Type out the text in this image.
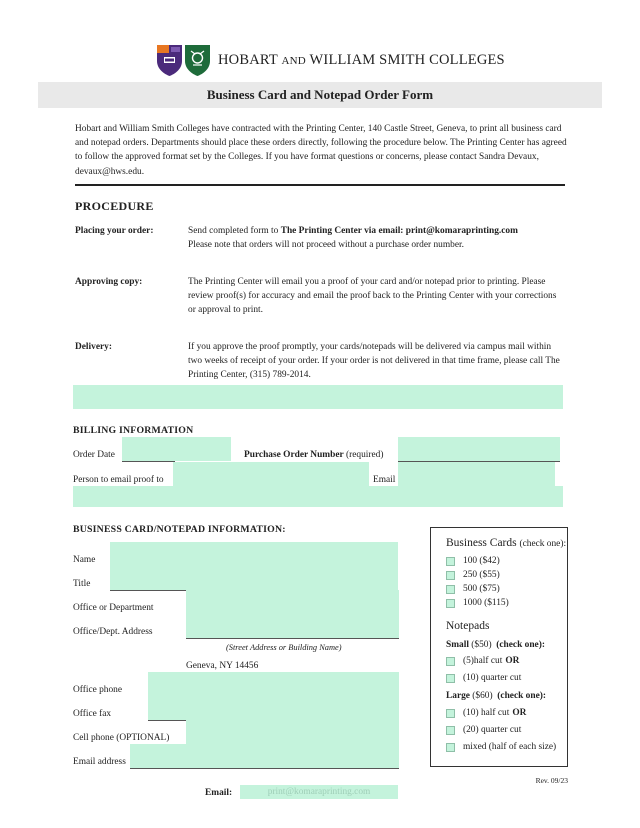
HOBART AND WILLIAM SMITH COLLEGES
Business Card and Notepad Order Form
Hobart and William Smith Colleges have contracted with the Printing Center, 140 Castle Street, Geneva, to print all business card and notepad orders. Departments should place these orders directly, following the procedure below. The Printing Center has agreed to follow the approved format set by the Colleges. If you have format questions or concerns, please contact Sandra Devaux, devaux@hws.edu.
PROCEDURE
Placing your order:	Send completed form to The Printing Center via email: print@komaraprinting.com
Please note that orders will not proceed without a purchase order number.
Approving copy:	The Printing Center will email you a proof of your card and/or notepad prior to printing. Please review proof(s) for accuracy and email the proof back to the Printing Center with your corrections or approval to print.
Delivery:	If you approve the proof promptly, your cards/notepads will be delivered via campus mail within two weeks of receipt of your order. If your order is not delivered in that time frame, please call The Printing Center, (315) 789-2014.
BILLING INFORMATION
Order Date	Purchase Order Number (required)
Person to email proof to	Email
BUSINESS CARD/NOTEPAD INFORMATION:
Name
Title
Office or Department
Office/Dept. Address
(Street Address or Building Name)
Geneva, NY 14456
Office phone
Office fax
Cell phone (OPTIONAL)
Email address
Business Cards (check one):
100 ($42)
250 ($55)
500 ($75)
1000 ($115)
Notepads
Small ($50) (check one):
(5)half cut OR
(10) quarter cut
Large ($60) (check one):
(10) half cut OR
(20) quarter cut
mixed (half of each size)
Rev. 09/23
Email:	print@komaraprinting.com
